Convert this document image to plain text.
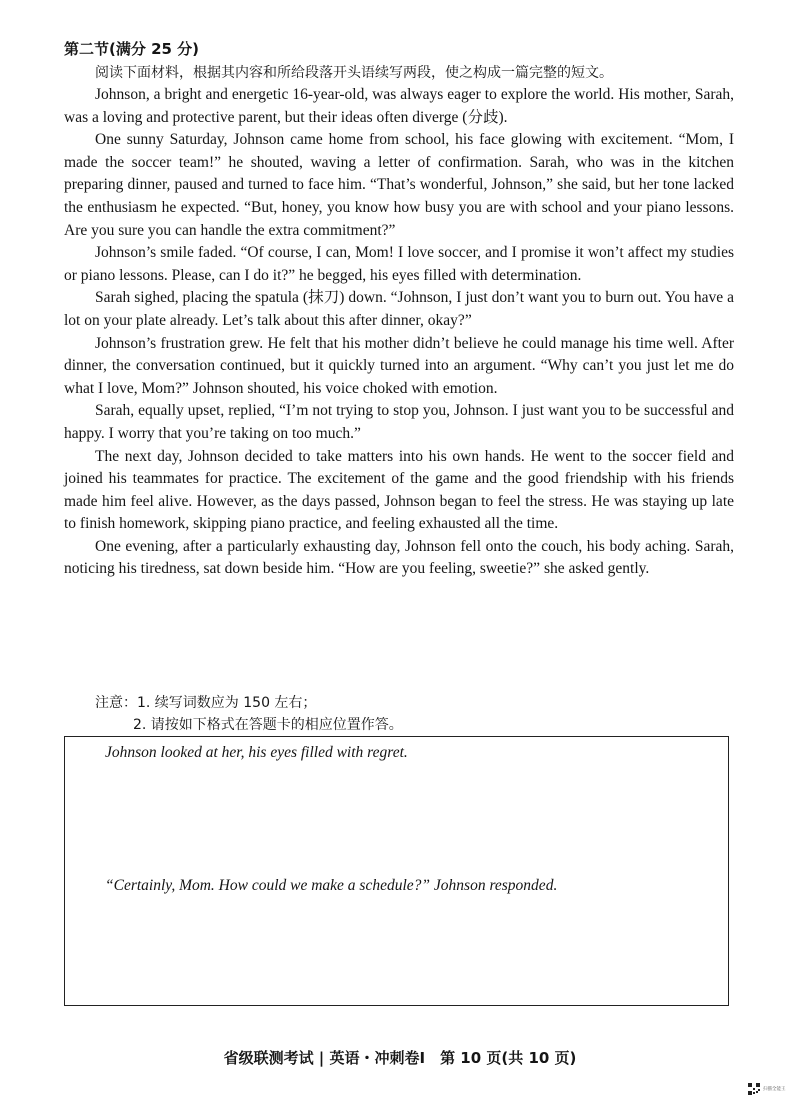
第二节(满分 25 分)

阅读下面材料，根据其内容和所给段落开头语续写两段，使之构成一篇完整的短文。

Johnson, a bright and energetic 16-year-old, was always eager to explore the world. His mother, Sarah, was a loving and protective parent, but their ideas often diverge (分歧).

One sunny Saturday, Johnson came home from school, his face glowing with excitement. “Mom, I made the soccer team!” he shouted, waving a letter of confirmation. Sarah, who was in the kitchen preparing dinner, paused and turned to face him. “That’s wonderful, Johnson,” she said, but her tone lacked the enthusiasm he expected. “But, honey, you know how busy you are with school and your piano lessons. Are you sure you can handle the extra commitment?”

Johnson’s smile faded. “Of course, I can, Mom! I love soccer, and I promise it won’t affect my studies or piano lessons. Please, can I do it?” he begged, his eyes filled with determination.

Sarah sighed, placing the spatula (抹刀) down. “Johnson, I just don’t want you to burn out. You have a lot on your plate already. Let’s talk about this after dinner, okay?”

Johnson’s frustration grew. He felt that his mother didn’t believe he could manage his time well. After dinner, the conversation continued, but it quickly turned into an argument. “Why can’t you just let me do what I love, Mom?” Johnson shouted, his voice choked with emotion.

Sarah, equally upset, replied, “I’m not trying to stop you, Johnson. I just want you to be successful and happy. I worry that you’re taking on too much.”

The next day, Johnson decided to take matters into his own hands. He went to the soccer field and joined his teammates for practice. The excitement of the game and the good friendship with his friends made him feel alive. However, as the days passed, Johnson began to feel the stress. He was staying up late to finish homework, skipping piano practice, and feeling exhausted all the time.

One evening, after a particularly exhausting day, Johnson fell onto the couch, his body aching. Sarah, noticing his tiredness, sat down beside him. “How are you feeling, sweetie?” she asked gently.

注意：1. 续写词数应为 150 左右；
2. 请按如下格式在答题卡的相应位置作答。

Johnson looked at her, his eyes filled with regret.

“Certainly, Mom. How could we make a schedule?” Johnson responded.

省级联测考试 | 英语・冲刺卷Ⅰ　第 10 页(共 10 页)
扫描全能王
